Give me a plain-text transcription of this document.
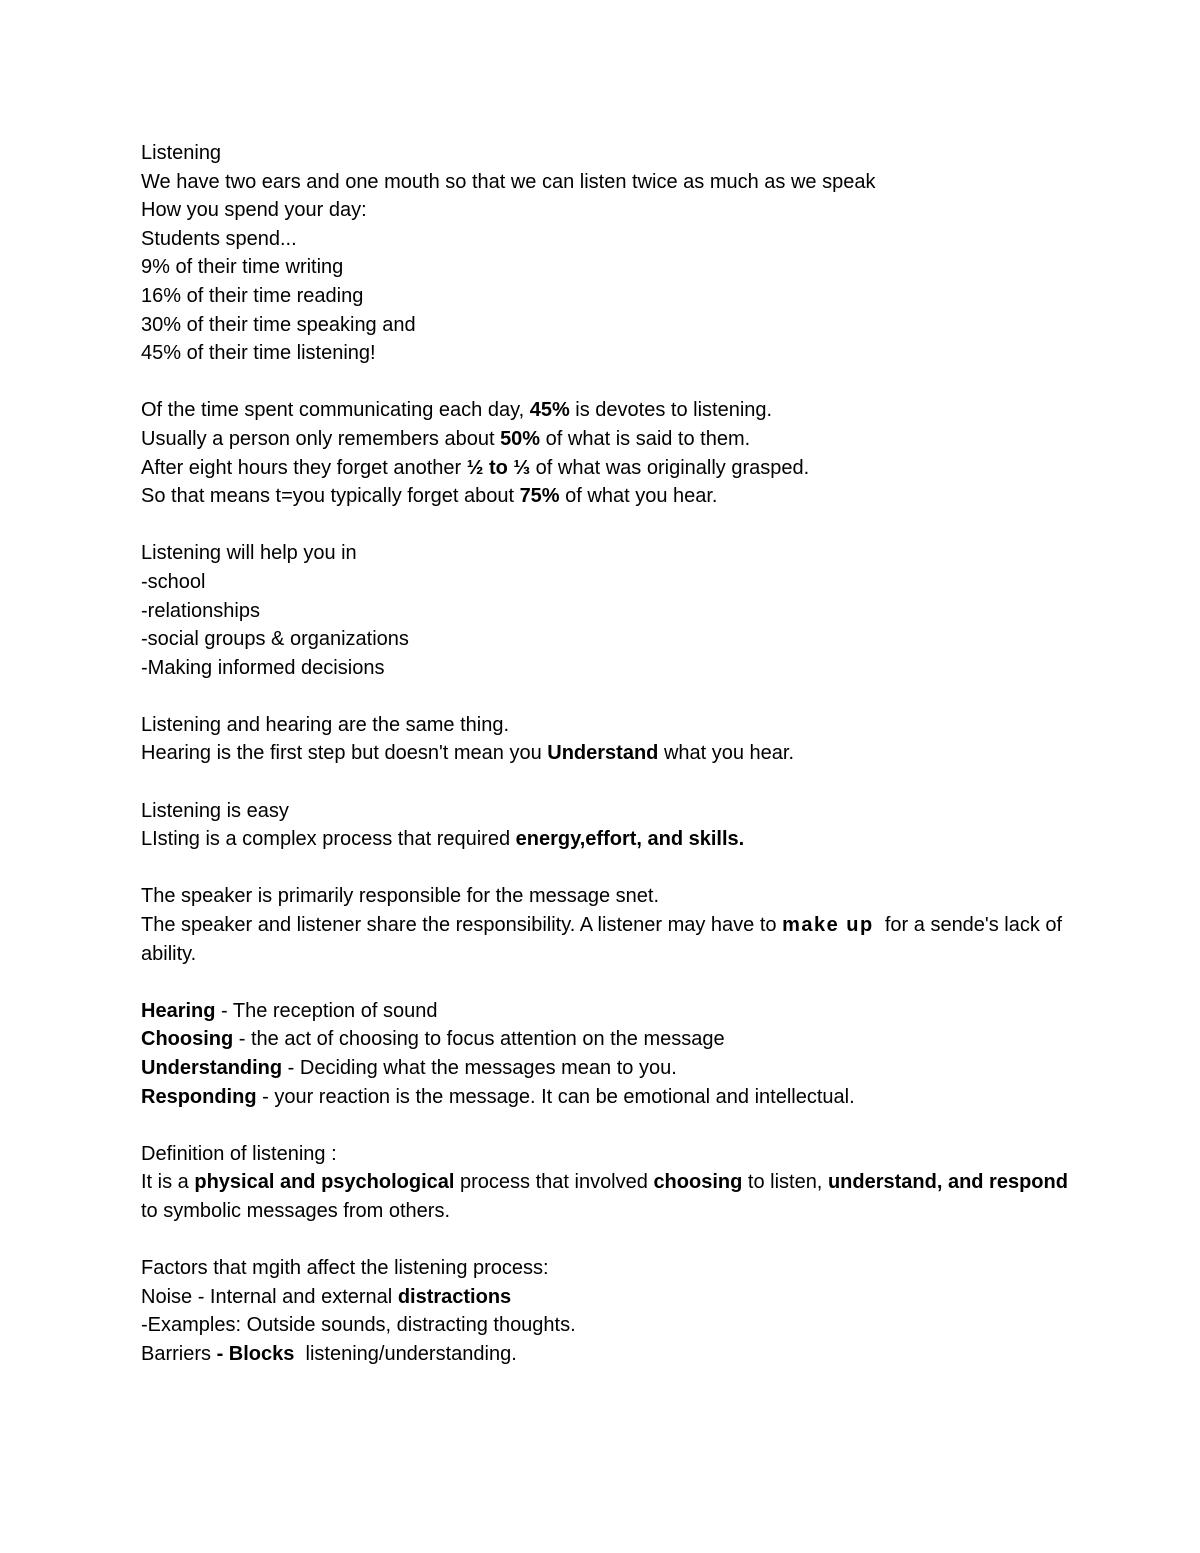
Listening
We have two ears and one mouth so that we can listen twice as much as we speak
How you spend your day:
Students spend...
9% of their time writing
16% of their time reading
30% of their time speaking and
45% of their time listening!
Of the time spent communicating each day, 45% is devotes to listening.
Usually a person only remembers about 50% of what is said to them.
After eight hours they forget another ½ to ⅓ of what was originally grasped.
So that means t=you typically forget about 75% of what you hear.
Listening will help you in
-school
-relationships
-social groups & organizations
-Making informed decisions
Listening and hearing are the same thing.
Hearing is the first step but doesn't mean you Understand what you hear.
Listening is easy
LIsting is a complex process that required energy,effort, and skills.
The speaker is primarily responsible for the message snet.
The speaker and listener share the responsibility. A listener may have to make up  for a sende's lack of ability.
Hearing - The reception of sound
Choosing - the act of choosing to focus attention on the message
Understanding - Deciding what the messages mean to you.
Responding - your reaction is the message. It can be emotional and intellectual.
Definition of listening :
It is a physical and psychological process that involved choosing to listen, understand, and respond to symbolic messages from others.
Factors that mgith affect the listening process:
Noise - Internal and external distractions
-Examples: Outside sounds, distracting thoughts.
Barriers - Blocks  listening/understanding.
